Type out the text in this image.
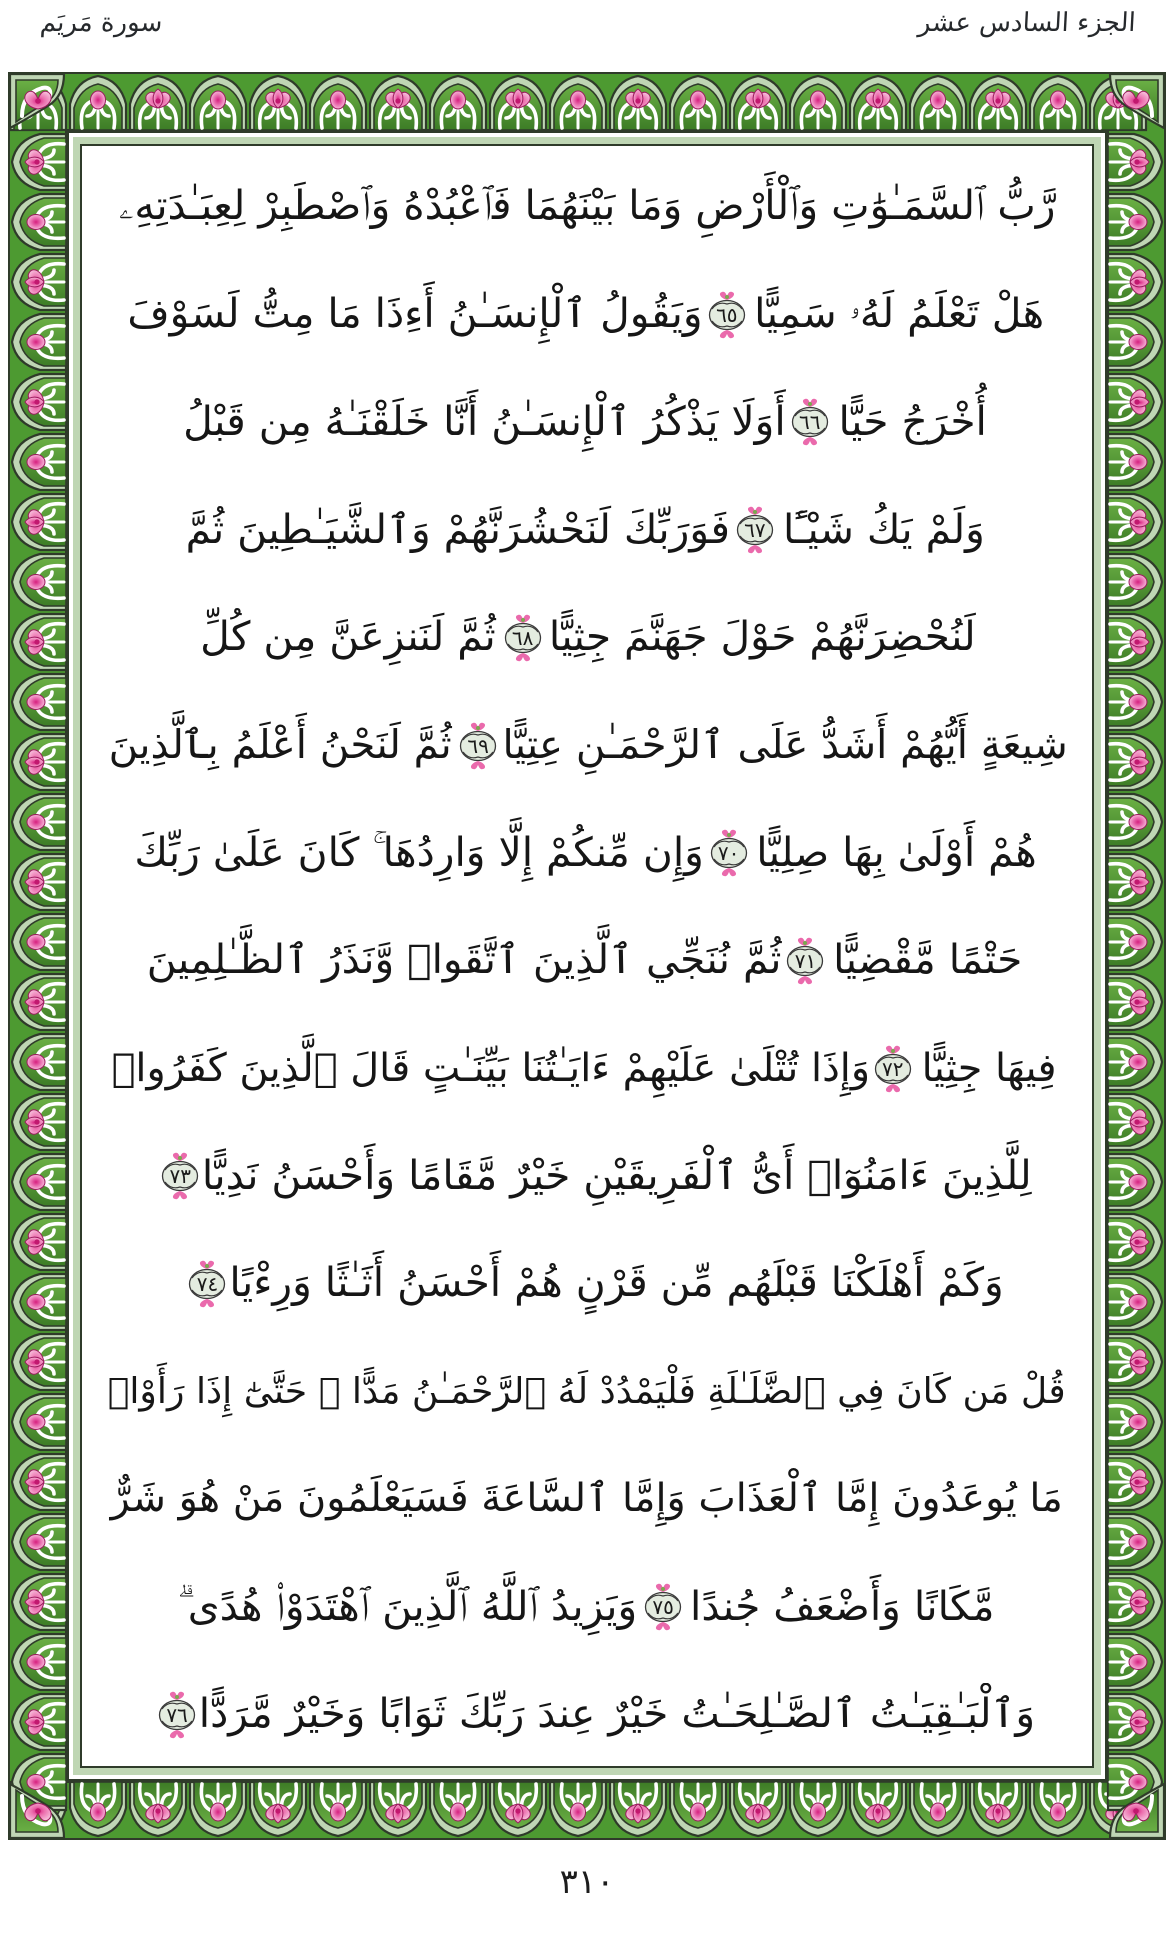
الجزء السادس عشر
سورة مَريَم
رَّبُّ ٱلسَّمَـٰوَ‌ٰتِ وَٱلْأَرْضِ وَمَا بَيْنَهُمَا فَٱعْبُدْهُ وَٱصْطَبِرْ لِعِبَـٰدَتِهِۦ
هَلْ تَعْلَمُ لَهُۥ سَمِيًّا
٦٥
وَيَقُولُ ٱلْإِنسَـٰنُ أَءِذَا مَا مِتُّ لَسَوْفَ
أُخْرَجُ حَيًّا
٦٦
أَوَلَا يَذْكُرُ ٱلْإِنسَـٰنُ أَنَّا خَلَقْنَـٰهُ مِن قَبْلُ
وَلَمْ يَكُ شَيْـًٔا
٦٧
فَوَرَبِّكَ لَنَحْشُرَنَّهُمْ وَٱلشَّيَـٰطِينَ ثُمَّ
لَنُحْضِرَنَّهُمْ حَوْلَ جَهَنَّمَ جِثِيًّا
٦٨
ثُمَّ لَنَنزِعَنَّ مِن كُلِّ
شِيعَةٍ أَيُّهُمْ أَشَدُّ عَلَى ٱلرَّحْمَـٰنِ عِتِيًّا
٦٩
ثُمَّ لَنَحْنُ أَعْلَمُ بِٱلَّذِينَ
هُمْ أَوْلَىٰ بِهَا صِلِيًّا
٧٠
وَإِن مِّنكُمْ إِلَّا وَارِدُهَا ۚ كَانَ عَلَىٰ رَبِّكَ
حَتْمًا مَّقْضِيًّا
٧١
ثُمَّ نُنَجِّي ٱلَّذِينَ ٱتَّقَوا۟ وَّنَذَرُ ٱلظَّـٰلِمِينَ
فِيهَا جِثِيًّا
٧٢
وَإِذَا تُتْلَىٰ عَلَيْهِمْ ءَايَـٰتُنَا بَيِّنَـٰتٍ قَالَ ٱلَّذِينَ كَفَرُوا۟
لِلَّذِينَ ءَامَنُوٓا۟ أَىُّ ٱلْفَرِيقَيْنِ خَيْرٌ مَّقَامًا وَأَحْسَنُ نَدِيًّا
٧٣
وَكَمْ أَهْلَكْنَا قَبْلَهُم مِّن قَرْنٍ هُمْ أَحْسَنُ أَثَـٰثًا وَرِءْيًا
٧٤
قُلْ مَن كَانَ فِي ٱلضَّلَـٰلَةِ فَلْيَمْدُدْ لَهُ ٱلرَّحْمَـٰنُ مَدًّا ۚ حَتَّىٰٓ إِذَا رَأَوْا۟
مَا يُوعَدُونَ إِمَّا ٱلْعَذَابَ وَإِمَّا ٱلسَّاعَةَ فَسَيَعْلَمُونَ مَنْ هُوَ شَرٌّ
مَّكَانًا وَأَضْعَفُ جُندًا
٧٥
وَيَزِيدُ ٱللَّهُ ٱلَّذِينَ ٱهْتَدَوْا۟ هُدًى ۗ
وَٱلْبَـٰقِيَـٰتُ ٱلصَّـٰلِحَـٰتُ خَيْرٌ عِندَ رَبِّكَ ثَوَابًا وَخَيْرٌ مَّرَدًّا
٧٦
٣١٠
